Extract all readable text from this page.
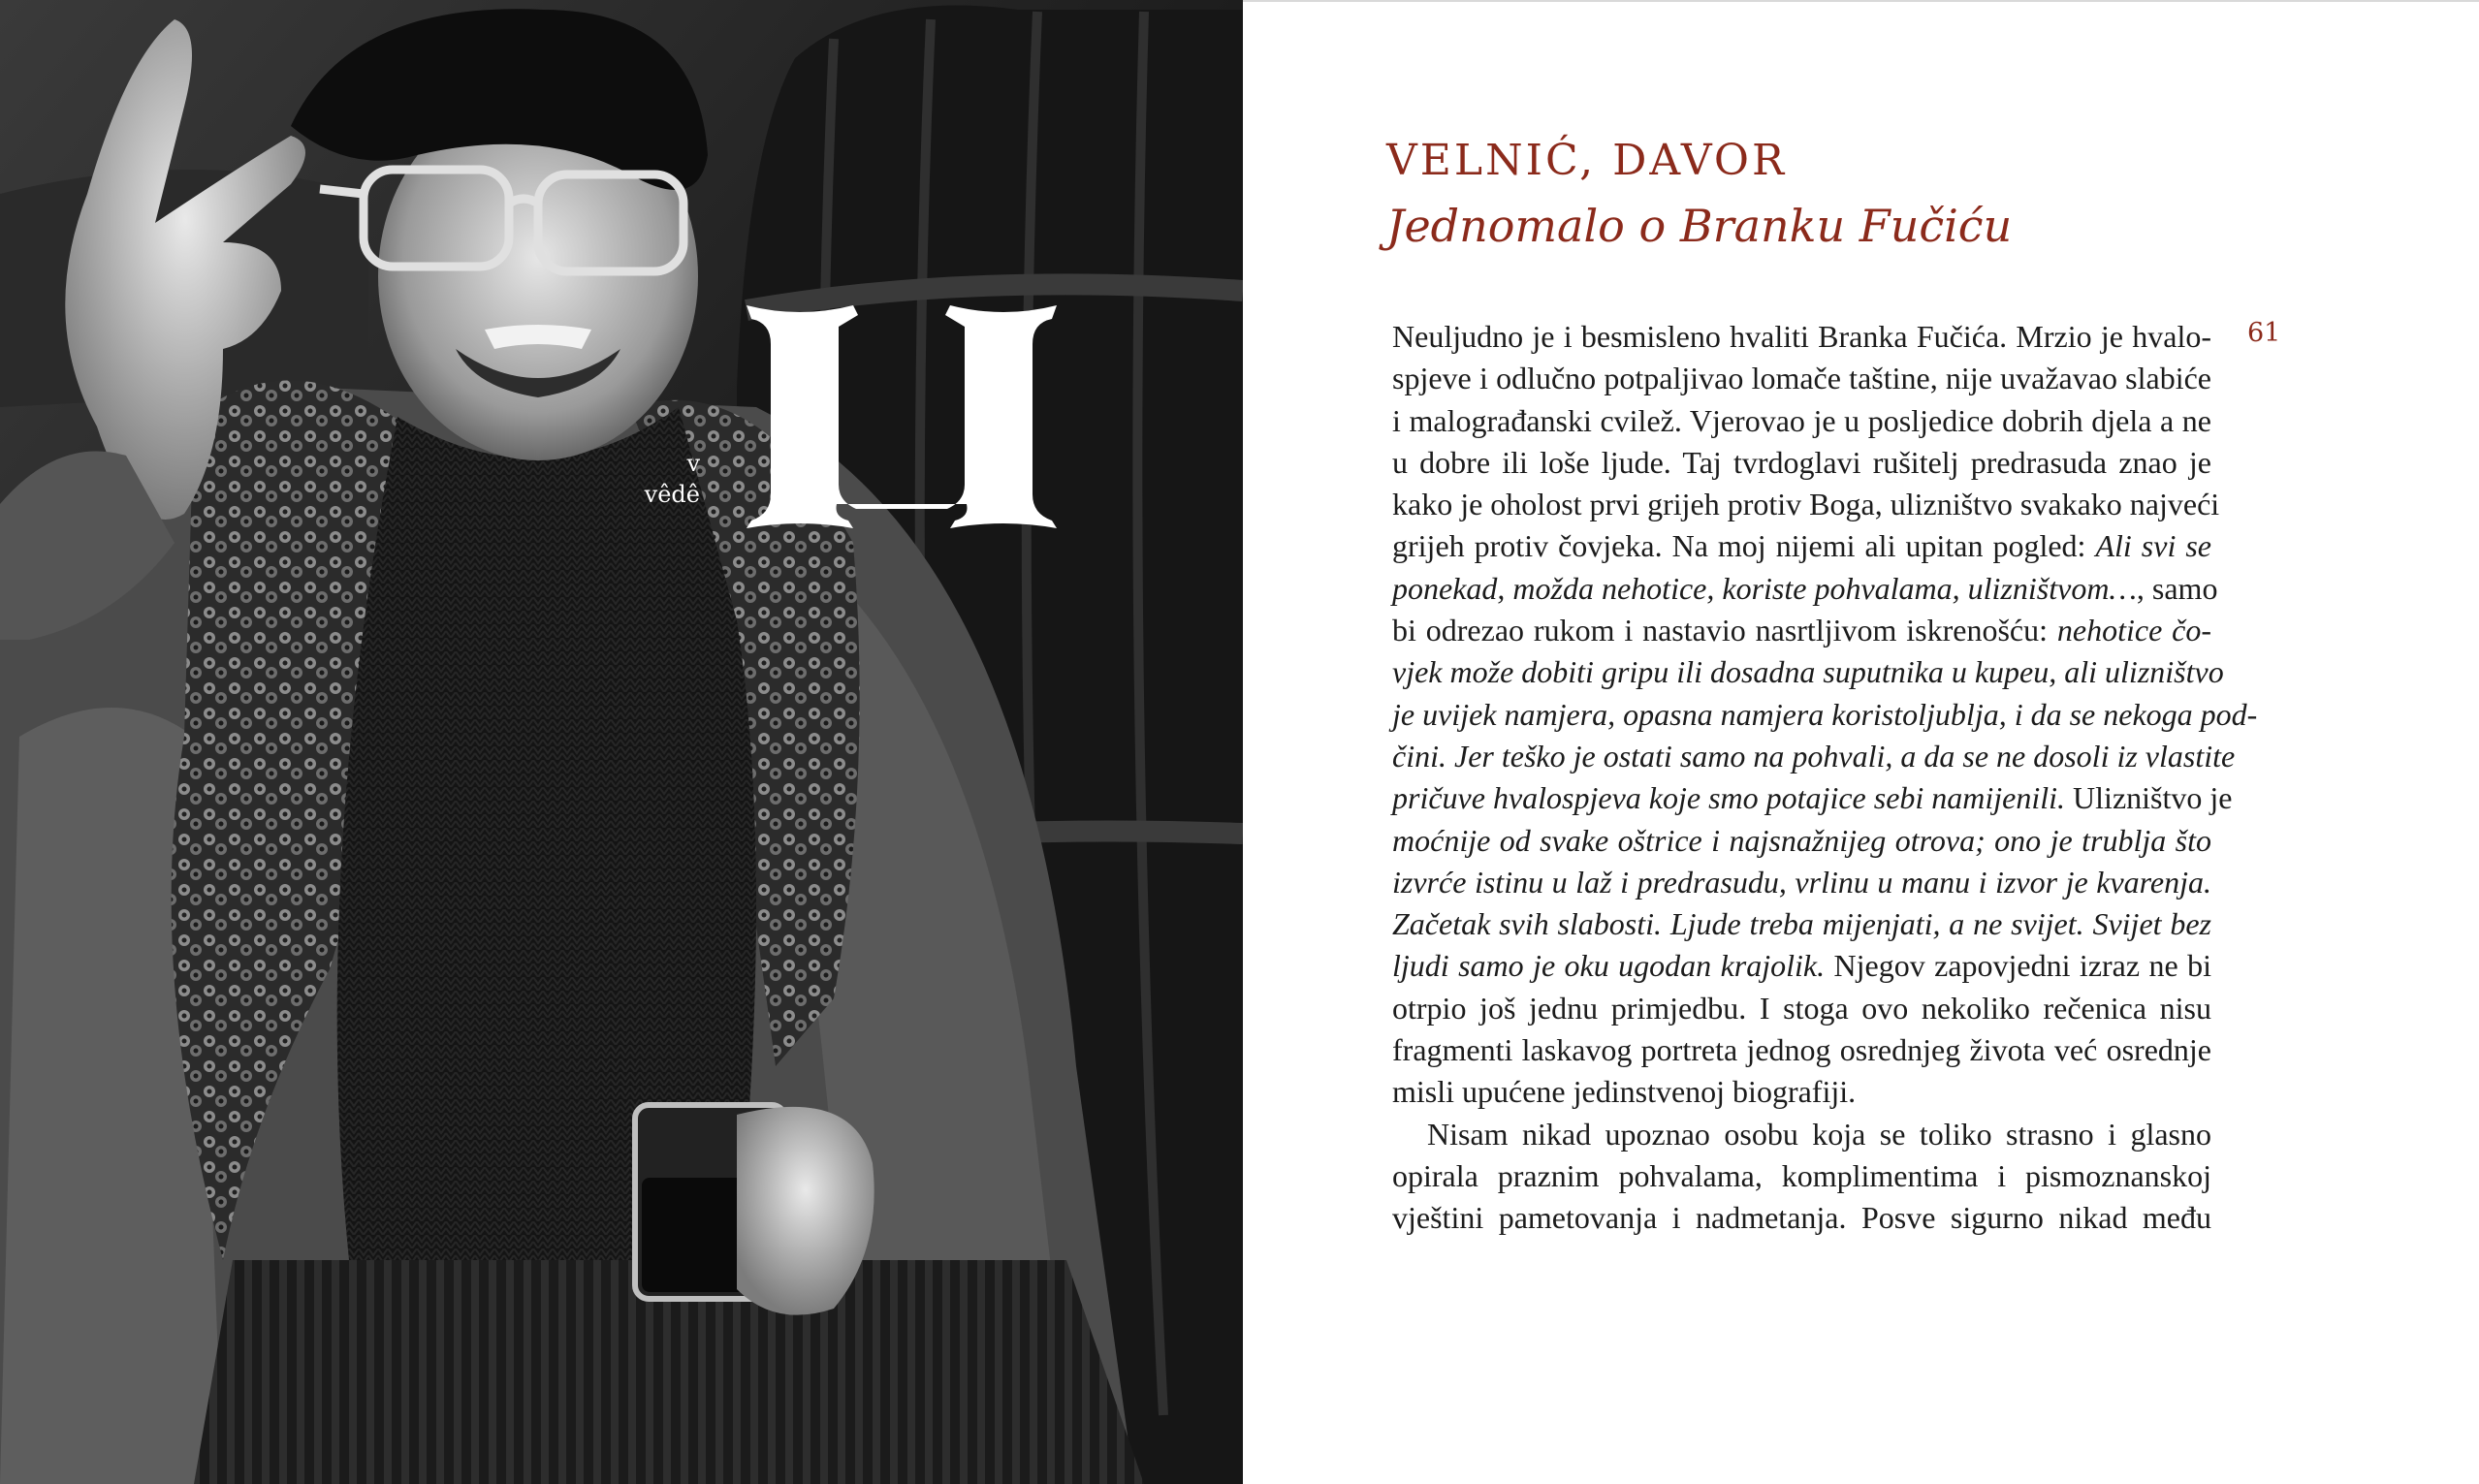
v
vêdê
VELNIĆ, DAVOR
Jednomalo o Branku Fučiću
61
Neuljudno je i besmisleno hvaliti Branka Fučića. Mrzio je hvalo-
spjeve i odlučno potpaljivao lomače taštine, nije uvažavao slabiće
i malograđanski cvilež. Vjerovao je u posljedice dobrih djela a ne
u dobre ili loše ljude. Taj tvrdoglavi rušitelj predrasuda znao je
kako je oholost prvi grijeh protiv Boga, ulizništvo svakako najveći
grijeh protiv čovjeka. Na moj nijemi ali upitan pogled: Ali svi se
ponekad, možda nehotice, koriste pohvalama, ulizništvom…, samo
bi odrezao rukom i nastavio nasrtljivom iskrenošću: nehotice čo-
vjek može dobiti gripu ili dosadna suputnika u kupeu, ali ulizništvo
je uvijek namjera, opasna namjera koristoljublja, i da se nekoga pod-
čini. Jer teško je ostati samo na pohvali, a da se ne dosoli iz vlastite
pričuve hvalospjeva koje smo potajice sebi namijenili. Ulizništvo je
moćnije od svake oštrice i najsnažnijeg otrova; ono je trublja što
izvrće istinu u laž i predrasudu, vrlinu u manu i izvor je kvarenja.
Začetak svih slabosti. Ljude treba mijenjati, a ne svijet. Svijet bez
ljudi samo je oku ugodan krajolik. Njegov zapovjedni izraz ne bi
otrpio još jednu primjedbu. I stoga ovo nekoliko rečenica nisu
fragmenti laskavog portreta jednog osrednjeg života već osrednje
misli upućene jedinstvenoj biografiji.
Nisam nikad upoznao osobu koja se toliko strasno i glasno
opirala praznim pohvalama, komplimentima i pismoznanskoj
vještini pametovanja i nadmetanja. Posve sigurno nikad među
